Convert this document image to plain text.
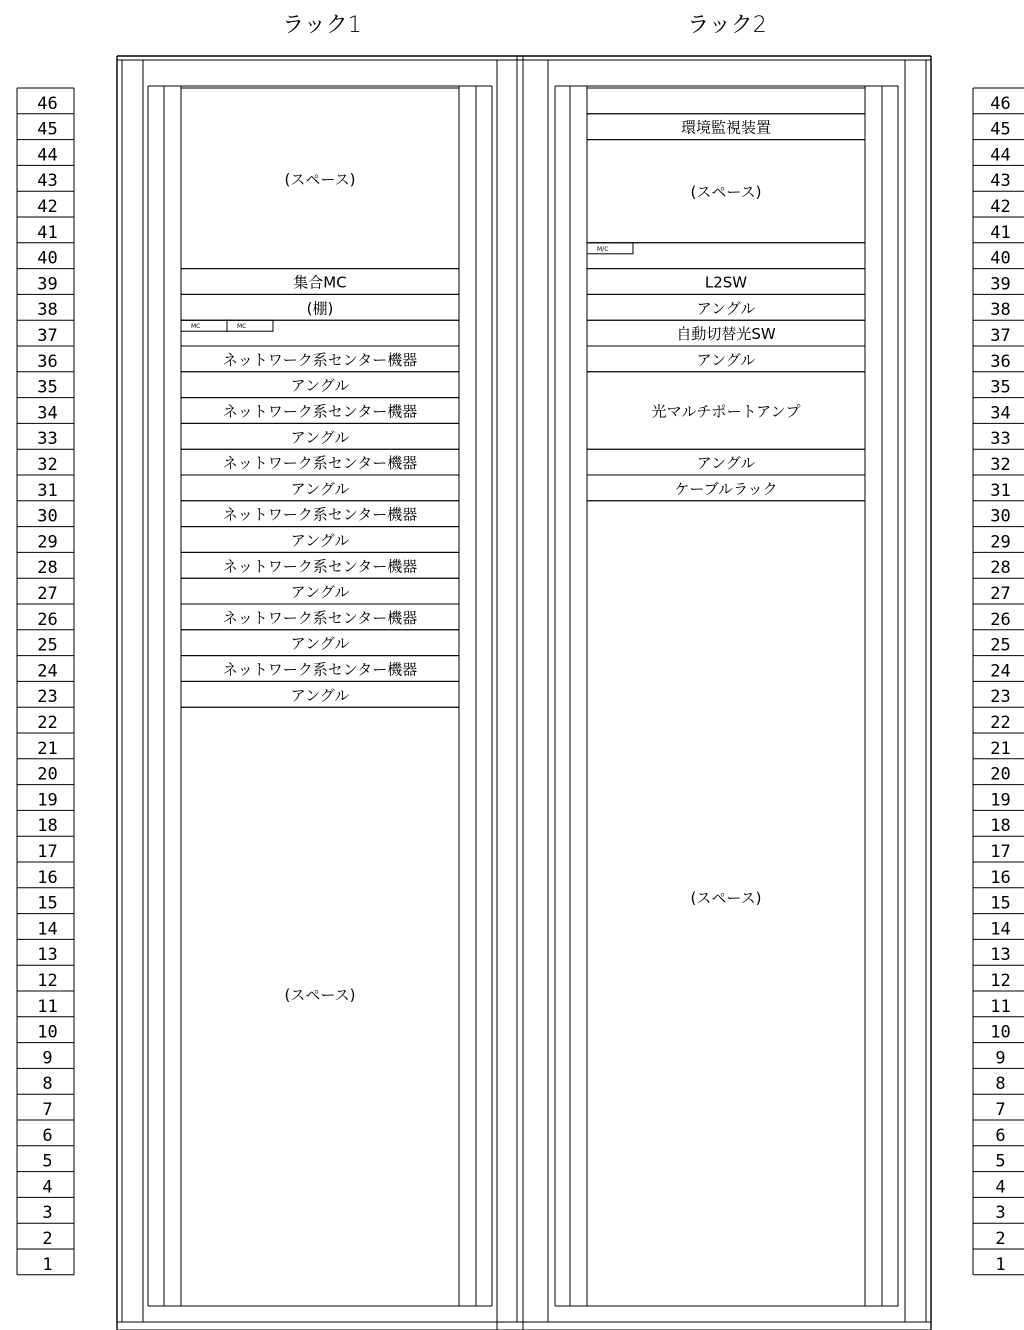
ラック1	ラック2
46
45
44
43
42
41
40
39
38
37
36
35
34
33
32
31
30
29
28
27
26
25
24
23
22
21
20
19
18
17
16
15
14
13
12
11
10
9
8
7
6
5
4
3
2
1
46
45
44
43
42
41
40
39
38
37
36
35
34
33
32
31
30
29
28
27
26
25
24
23
22
21
20
19
18
17
16
15
14
13
12
11
10
9
8
7
6
5
4
3
2
1
(スペース)
集合MC
(棚)
MC	MC
ネットワーク系センター機器
アングル
ネットワーク系センター機器
アングル
ネットワーク系センター機器
アングル
ネットワーク系センター機器
アングル
ネットワーク系センター機器
アングル
ネットワーク系センター機器
アングル
ネットワーク系センター機器
アングル
(スペース)
環境監視装置
(スペース)
M/C
L2SW
アングル
自動切替光SW
アングル
光マルチポートアンプ
アングル
ケーブルラック
(スペース)
